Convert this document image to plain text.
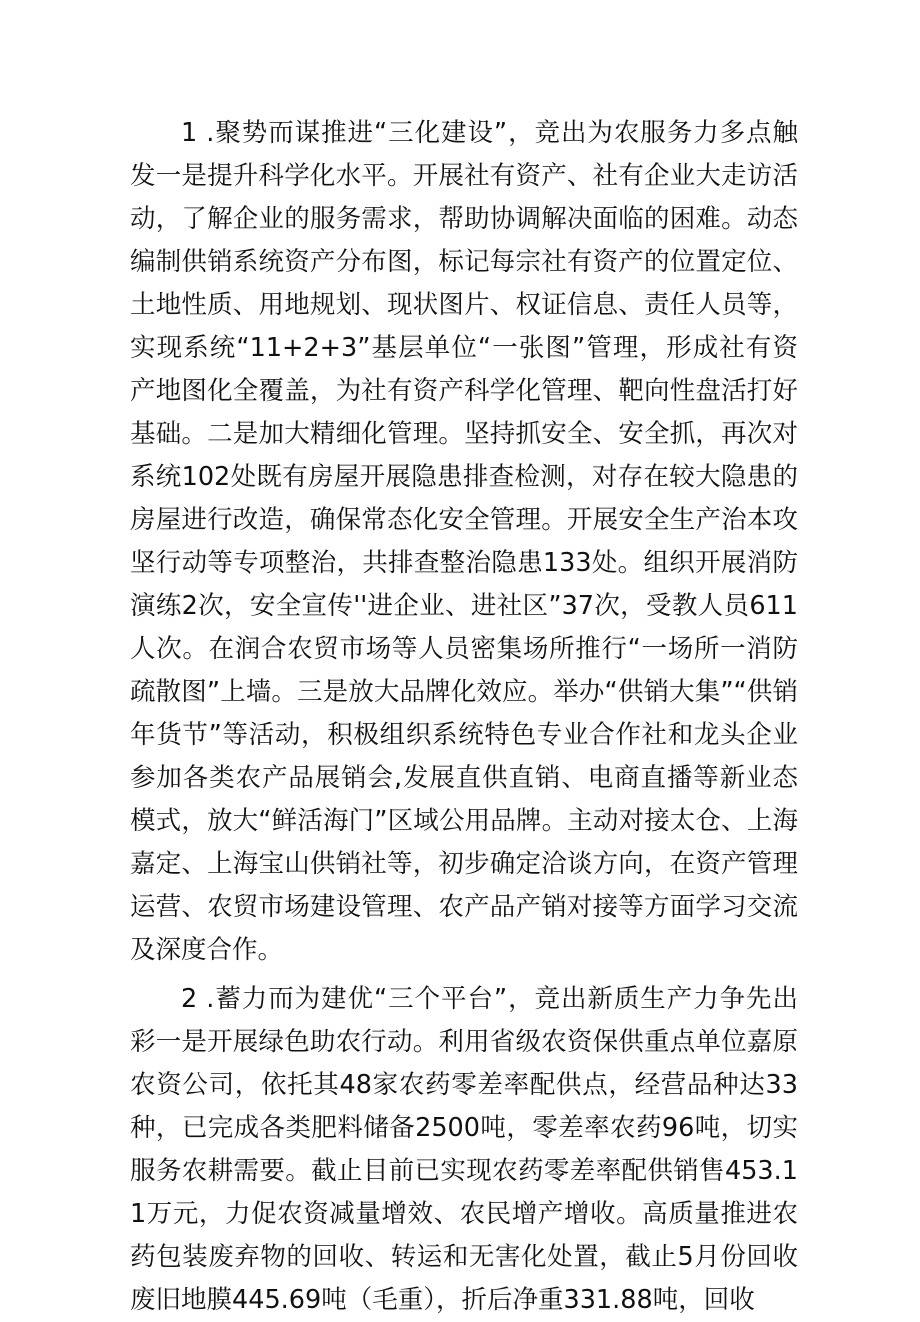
1 .聚势而谋推进“三化建设”，竞出为农服务力多点触发一是提升科学化水平。开展社有资产、社有企业大走访活动，了解企业的服务需求，帮助协调解决面临的困难。动态编制供销系统资产分布图，标记每宗社有资产的位置定位、土地性质、用地规划、现状图片、权证信息、责任人员等，实现系统“11+2+3”基层单位“一张图”管理，形成社有资产地图化全覆盖，为社有资产科学化管理、靶向性盘活打好基础。二是加大精细化管理。坚持抓安全、安全抓，再次对系统102处既有房屋开展隐患排查检测，对存在较大隐患的房屋进行改造，确保常态化安全管理。开展安全生产治本攻坚行动等专项整治，共排查整治隐患133处。组织开展消防演练2次，安全宣传''进企业、进社区”37次，受教人员611人次。在润合农贸市场等人员密集场所推行“一场所一消防疏散图”上墙。三是放大品牌化效应。举办“供销大集”“供销年货节”等活动，积极组织系统特色专业合作社和龙头企业参加各类农产品展销会,发展直供直销、电商直播等新业态模式，放大“鲜活海门”区域公用品牌。主动对接太仓、上海嘉定、上海宝山供销社等，初步确定洽谈方向，在资产管理运营、农贸市场建设管理、农产品产销对接等方面学习交流及深度合作。

2 .蓄力而为建优“三个平台”，竞出新质生产力争先出彩一是开展绿色助农行动。利用省级农资保供重点单位嘉原农资公司，依托其48家农药零差率配供点，经营品种达33种，已完成各类肥料储备2500吨，零差率农药96吨，切实服务农耕需要。截止目前已实现农药零差率配供销售453.11万元，力促农资减量增效、农民增产增收。高质量推进农药包装废弃物的回收、转运和无害化处置，截止5月份回收废旧地膜445.69吨（毛重），折后净重331.88吨，回收
